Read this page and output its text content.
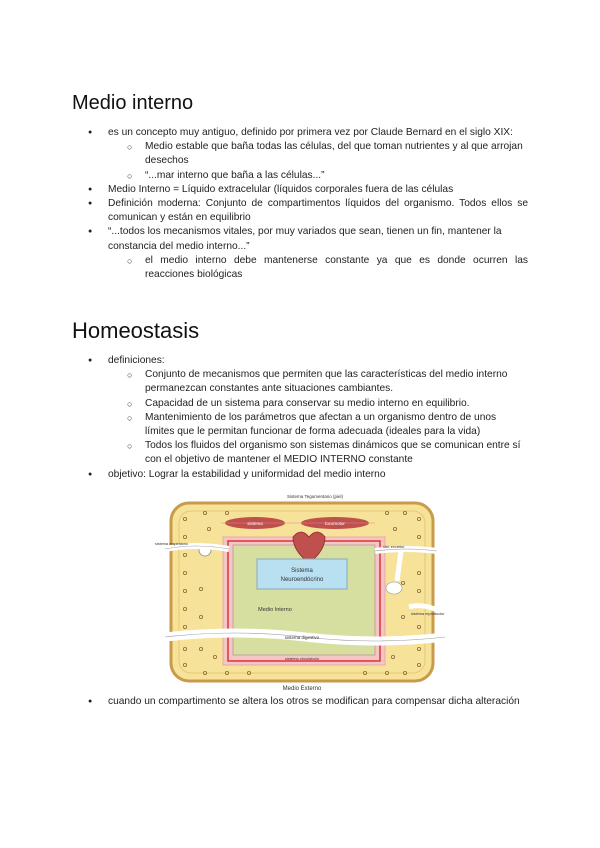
Medio interno
● es un concepto muy antiguo, definido por primera vez por Claude Bernard en el siglo XIX:
○ Medio estable que baña todas las células, del que toman nutrientes y al que arrojan desechos
○ “...mar interno que baña a las células...”
● Medio Interno = Líquido extracelular (líquidos corporales fuera de las células
● Definición moderna: Conjunto de compartimentos líquidos del organismo. Todos ellos se comunican y están en equilibrio
● “...todos los mecanismos vitales, por muy variados que sean, tienen un fin, mantener la constancia del medio interno...”
○ el medio interno debe mantenerse constante ya que es donde ocurren las reacciones biológicas
Homeostasis
● definiciones:
○ Conjunto de mecanismos que permiten que las características del medio interno permanezcan constantes ante situaciones cambiantes.
○ Capacidad de un sistema para conservar su medio interno en equilibrio.
○ Mantenimiento de los parámetros que afectan a un organismo dentro de unos límites que le permitan funcionar de forma adecuada (ideales para la vida)
○ Todos los fluidos del organismo son sistemas dinámicos que se comunican entre sí con el objetivo de mantener el MEDIO INTERNO constante
● objetivo: Lograr la estabilidad y uniformidad del medio interno
sistema	locomotor
Sistema Tegumentario (piel)
Sistema
Neuroendócrino
Medio Interno
sistema respiratorio
sist. excretor
sistema reproductor
sistema digestivo
sistema circulatorio
Medio Externo
● cuando un compartimento se altera los otros se modifican para compensar dicha alteración
